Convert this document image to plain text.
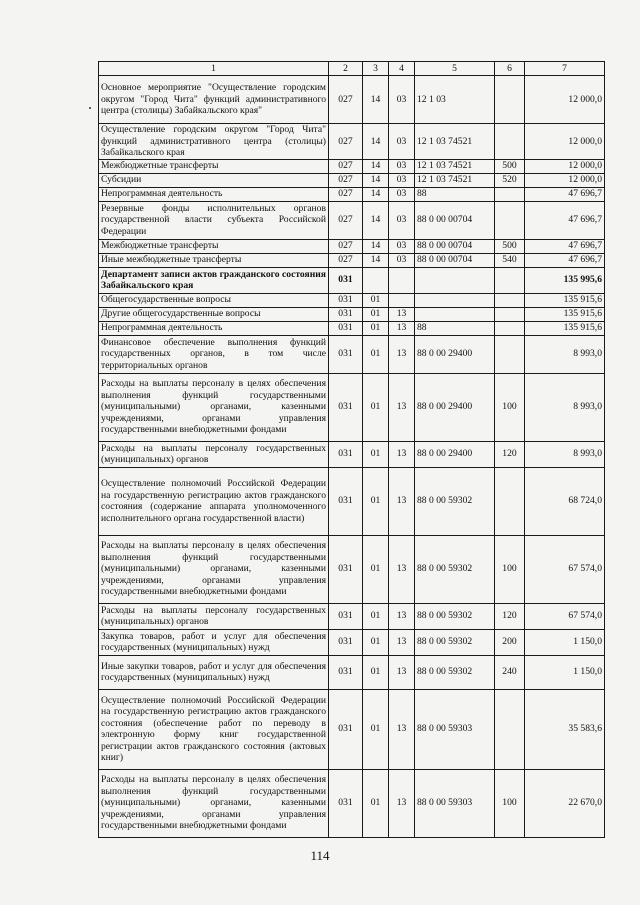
1	2	3	4	5	6	7
Основное мероприятие "Осуществление городским округом "Город Чита" функций административного центра (столицы) Забайкальского края"	027	14	03	12 1 03		12 000,0
Осуществление городским округом "Город Чита" функций административного центра (столицы) Забайкальского края	027	14	03	12 1 03 74521		12 000,0
Межбюджетные трансферты	027	14	03	12 1 03 74521	500	12 000,0
Субсидии	027	14	03	12 1 03 74521	520	12 000,0
Непрограммная деятельность	027	14	03	88		47 696,7
Резервные фонды исполнительных органов государственной власти субъекта Российской Федерации	027	14	03	88 0 00 00704		47 696,7
Межбюджетные трансферты	027	14	03	88 0 00 00704	500	47 696,7
Иные межбюджетные трансферты	027	14	03	88 0 00 00704	540	47 696,7
Департамент записи актов гражданского состояния Забайкальского края	031					135 995,6
Общегосударственные вопросы	031	01				135 915,6
Другие общегосударственные вопросы	031	01	13			135 915,6
Непрограммная деятельность	031	01	13	88		135 915,6
Финансовое обеспечение выполнения функций государственных органов, в том числе территориальных органов	031	01	13	88 0 00 29400		8 993,0
Расходы на выплаты персоналу в целях обеспечения выполнения функций государственными (муниципальными) органами, казенными учреждениями, органами управления государственными внебюджетными фондами	031	01	13	88 0 00 29400	100	8 993,0
Расходы на выплаты персоналу государственных (муниципальных) органов	031	01	13	88 0 00 29400	120	8 993,0
Осуществление полномочий Российской Федерации на государственную регистрацию актов гражданского состояния (содержание аппарата уполномоченного исполнительного органа государственной власти)	031	01	13	88 0 00 59302		68 724,0
Расходы на выплаты персоналу в целях обеспечения выполнения функций государственными (муниципальными) органами, казенными учреждениями, органами управления государственными внебюджетными фондами	031	01	13	88 0 00 59302	100	67 574,0
Расходы на выплаты персоналу государственных (муниципальных) органов	031	01	13	88 0 00 59302	120	67 574,0
Закупка товаров, работ и услуг для обеспечения государственных (муниципальных) нужд	031	01	13	88 0 00 59302	200	1 150,0
Иные закупки товаров, работ и услуг для обеспечения государственных (муниципальных) нужд	031	01	13	88 0 00 59302	240	1 150,0
Осуществление полномочий Российской Федерации на государственную регистрацию актов гражданского состояния (обеспечение работ по переводу в электронную форму книг государственной регистрации актов гражданского состояния (актовых книг)	031	01	13	88 0 00 59303		35 583,6
Расходы на выплаты персоналу в целях обеспечения выполнения функций государственными (муниципальными) органами, казенными учреждениями, органами управления государственными внебюджетными фондами	031	01	13	88 0 00 59303	100	22 670,0
114
